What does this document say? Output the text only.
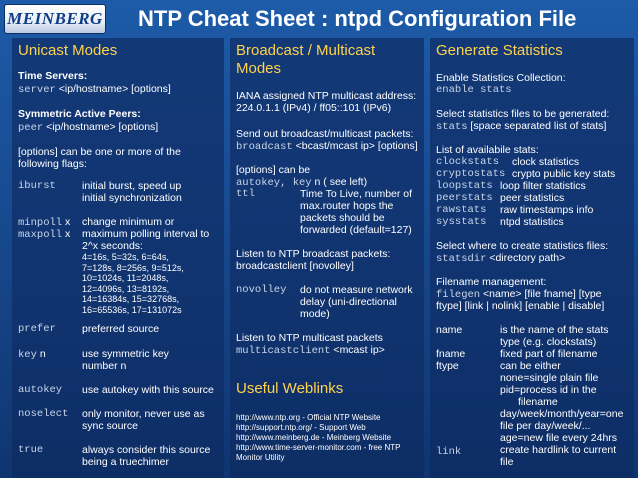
MEINBERG NTP Cheat Sheet : ntpd Configuration File
Unicast Modes
Time Servers:
server <ip/hostname> [options]
Symmetric Active Peers:
peer <ip/hostname> [options]
[options] can be one or more of the
following flags:
iburst initial burst, speed up
initial synchronization
minpoll x change minimum or
maxpoll x maximum polling interval to
2^x seconds:
4=16s, 5=32s, 6=64s,
7=128s, 8=256s, 9=512s,
10=1024s, 11=2048s,
12=4096s, 13=8192s,
14=16384s, 15=32768s,
16=65536s, 17=131072s
prefer preferred source
key n	use symmetric key
number n
autokey use autokey with this source
noselect only monitor, never use as
sync source
true	always consider this source
being a truechimer
Broadcast / Multicast
Modes
IANA assigned NTP multicast address:
224.0.1.1 (IPv4) / ff05::101 (IPv6)
Send out broadcast/multicast packets:
broadcast <bcast/mcast ip> [options]
[options] can be
autokey, key n ( see left)
ttl	Time To Live, number of
max.router hops the
packets should be
forwarded (default=127)
Listen to NTP broadcast packets:
broadcastclient [novolley]
novolley do not measure network
delay (uni-directional
mode)
Listen to NTP multicast packets
multicastclient <mcast ip>
Useful Weblinks
http://www.ntp.org - Official NTP Website
http://support.ntp.org/ - Support Web
http://www.meinberg.de - Meinberg Website
http://www.time-server-monitor.com - free NTP
Monitor Utility
Generate Statistics
Enable Statistics Collection:
enable stats
Select statistics files to be generated:
stats [space separated list of stats]
List of availabile stats:
clockstats clock statistics
cryptostats crypto public key stats
loopstats loop filter statistics
peerstats peer statistics
rawstats raw timestamps info
sysstats ntpd statistics
Select where to create statistics files:
statsdir <directory path>
Filename management:
filegen <name> [file fname] [type
ftype] [link | nolink] [enable | disable]
name	is the name of the stats
type (e.g. clockstats)
fname	fixed part of filename
ftype	can be either
none=single plain file
pid=process id in the
filename
day/week/month/year=one
file per day/week/...
age=new file every 24hrs
link	create hardlink to current
file
